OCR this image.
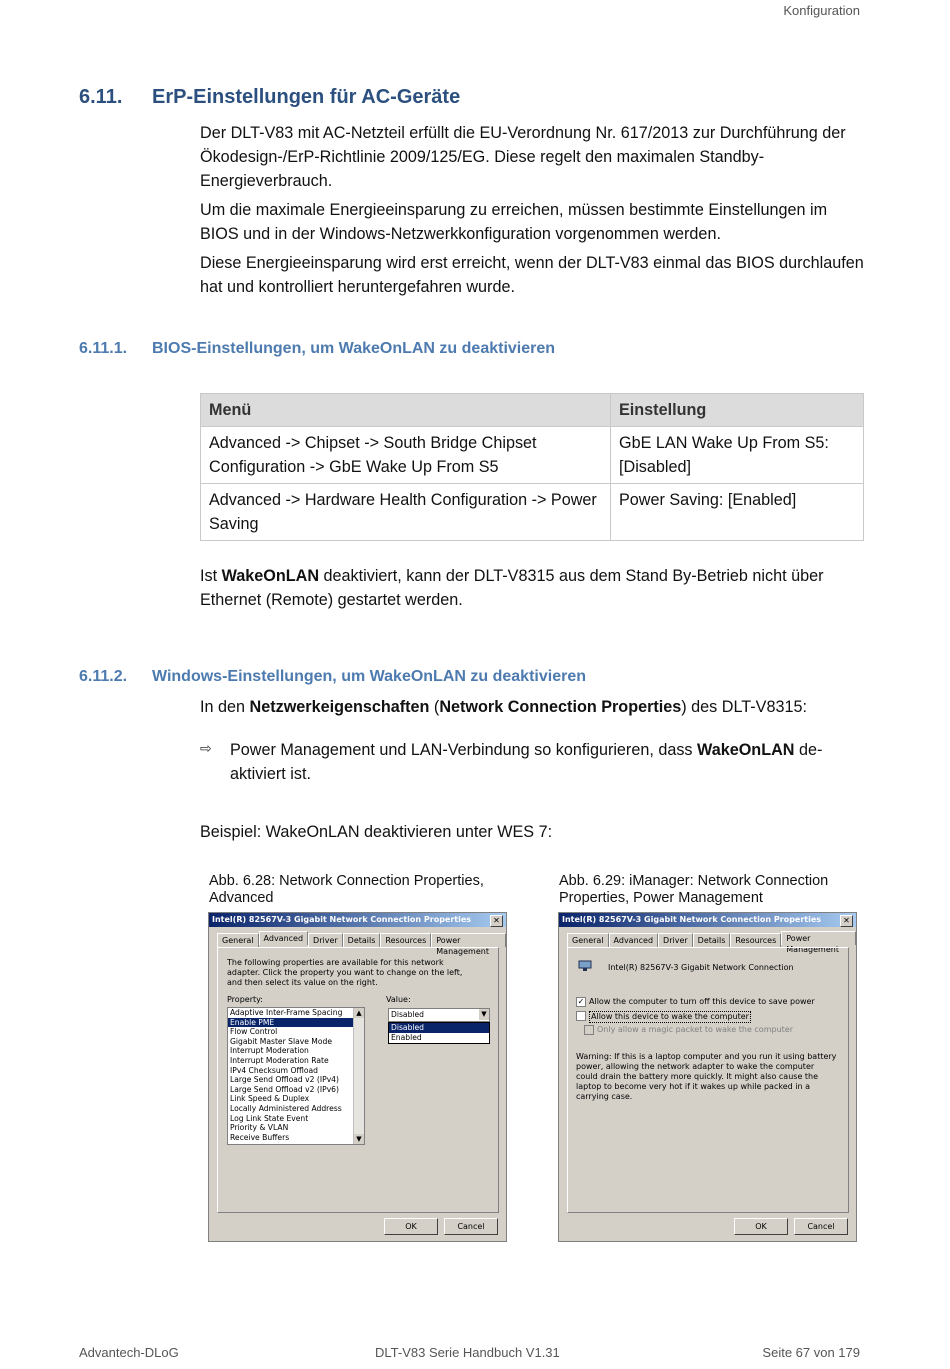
Konfiguration
6.11. ErP-Einstellungen für AC-Geräte
Der DLT-V83 mit AC-Netzteil erfüllt die EU-Verordnung Nr. 617/2013 zur Durchführung der Ökodesign-/ErP-Richtlinie 2009/125/EG. Diese regelt den maximalen Standby-Energieverbrauch.
Um die maximale Energieeinsparung zu erreichen, müssen bestimmte Einstellungen im BIOS und in der Windows-Netzwerkkonfiguration vorgenommen werden.
Diese Energieeinsparung wird erst erreicht, wenn der DLT-V83 einmal das BIOS durchlaufen hat und kontrolliert heruntergefahren wurde.
6.11.1. BIOS-Einstellungen, um WakeOnLAN zu deaktivieren
Menü	Einstellung
Advanced -> Chipset -> South Bridge Chipset Configuration -> GbE Wake Up From S5	GbE LAN Wake Up From S5: [Disabled]
Advanced -> Hardware Health Configuration -> Power Saving	Power Saving: [Enabled]
Ist WakeOnLAN deaktiviert, kann der DLT-V8315 aus dem Stand By-Betrieb nicht über Ethernet (Remote) gestartet werden.
6.11.2. Windows-Einstellungen, um WakeOnLAN zu deaktivieren
In den Netzwerkeigenschaften (Network Connection Properties) des DLT-V8315:
⇨ Power Management und LAN-Verbindung so konfigurieren, dass WakeOnLAN de-aktiviert ist.
Beispiel: WakeOnLAN deaktivieren unter WES 7:
Abb. 6.28: Network Connection Properties, Advanced
Abb. 6.29: iManager: Network Connection Properties, Power Management
Intel(R) 82567V-3 Gigabit Network Connection Properties	✕
General	Advanced	Driver	Details	Resources	Power Management
The following properties are available for this network adapter. Click the property you want to change on the left, and then select its value on the right.
Property:	Value:
Adaptive Inter-Frame Spacing
Enable PME
Flow Control
Gigabit Master Slave Mode
Interrupt Moderation
Interrupt Moderation Rate
IPv4 Checksum Offload
Large Send Offload v2 (IPv4)
Large Send Offload v2 (IPv6)
Link Speed & Duplex
Locally Administered Address
Log Link State Event
Priority & VLAN
Receive Buffers
▲
▼
Disabled	▼
Disabled
Enabled
OK	Cancel
Intel(R) 82567V-3 Gigabit Network Connection Properties	✕
General	Advanced	Driver	Details	Resources	Power Management
Intel(R) 82567V-3 Gigabit Network Connection
✓ Allow the computer to turn off this device to save power
Allow this device to wake the computer
Only allow a magic packet to wake the computer
Warning: If this is a laptop computer and you run it using battery power, allowing the network adapter to wake the computer could drain the battery more quickly. It might also cause the laptop to become very hot if it wakes up while packed in a carrying case.
OK	Cancel
Advantech-DLoG	DLT-V83 Serie Handbuch V1.31	Seite 67 von 179
